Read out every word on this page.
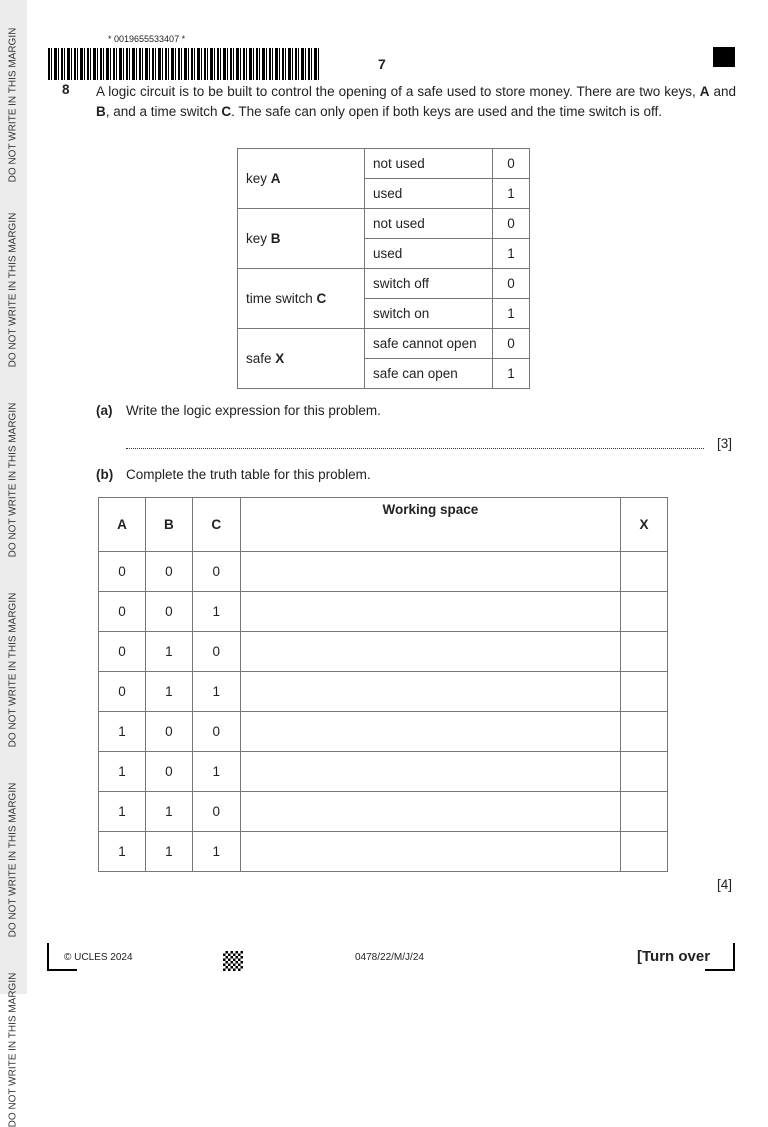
DO NOT WRITE IN THIS MARGIN
DO NOT WRITE IN THIS MARGIN
DO NOT WRITE IN THIS MARGIN
DO NOT WRITE IN THIS MARGIN
DO NOT WRITE IN THIS MARGIN
DO NOT WRITE IN THIS MARGIN
* 0019655533407 *
7
8 A logic circuit is to be built to control the opening of a safe used to store money. There are two keys, A and B, and a time switch C. The safe can only open if both keys are used and the time switch is off.
key A	not used	0
	used	1
key B	not used	0
	used	1
time switch C	switch off	0
	switch on	1
safe X	safe cannot open	0
	safe can open	1
(a) Write the logic expression for this problem.
[3]
(b) Complete the truth table for this problem.
A	B	C	Working space	X
0	0	0		
0	0	1		
0	1	0		
0	1	1		
1	0	0		
1	0	1		
1	1	0		
1	1	1		
[4]
© UCLES 2024	0478/22/M/J/24	[Turn over
